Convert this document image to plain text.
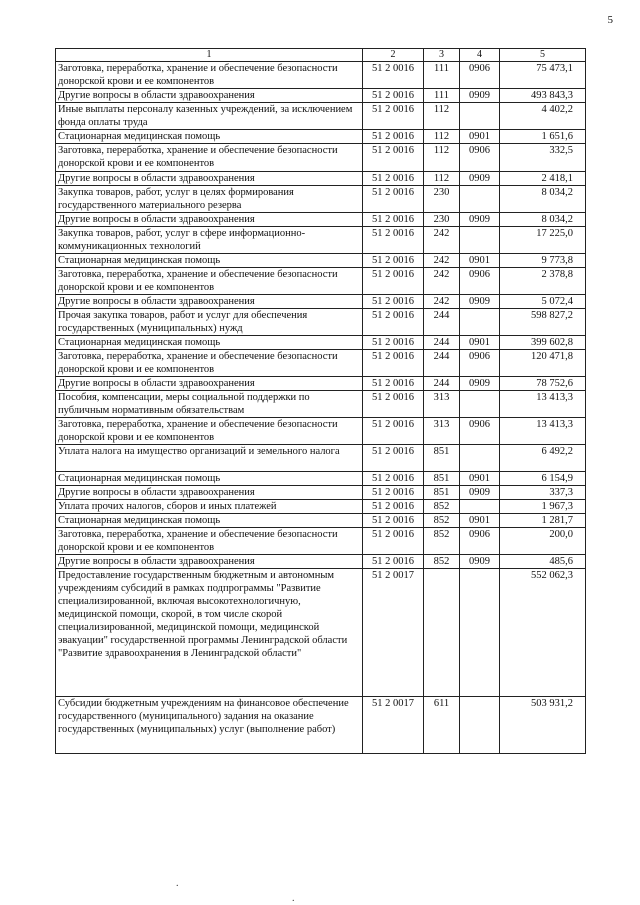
5
1	2	3	4	5
Заготовка, переработка, хранение и обеспечение безопасности донорской крови и ее компонентов	51 2 0016	111	0906	75 473,1
Другие вопросы в области здравоохранения	51 2 0016	111	0909	493 843,3
Иные выплаты персоналу казенных учреждений, за исключением фонда оплаты труда	51 2 0016	112		4 402,2
Стационарная медицинская помощь	51 2 0016	112	0901	1 651,6
Заготовка, переработка, хранение и обеспечение безопасности донорской крови и ее компонентов	51 2 0016	112	0906	332,5
Другие вопросы в области здравоохранения	51 2 0016	112	0909	2 418,1
Закупка товаров, работ, услуг в целях формирования государственного материального резерва	51 2 0016	230		8 034,2
Другие вопросы в области здравоохранения	51 2 0016	230	0909	8 034,2
Закупка товаров, работ, услуг в сфере информационно-коммуникационных технологий	51 2 0016	242		17 225,0
Стационарная медицинская помощь	51 2 0016	242	0901	9 773,8
Заготовка, переработка, хранение и обеспечение безопасности донорской крови и ее компонентов	51 2 0016	242	0906	2 378,8
Другие вопросы в области здравоохранения	51 2 0016	242	0909	5 072,4
Прочая закупка товаров, работ и услуг для обеспечения государственных (муниципальных) нужд	51 2 0016	244		598 827,2
Стационарная медицинская помощь	51 2 0016	244	0901	399 602,8
Заготовка, переработка, хранение и обеспечение безопасности донорской крови и ее компонентов	51 2 0016	244	0906	120 471,8
Другие вопросы в области здравоохранения	51 2 0016	244	0909	78 752,6
Пособия, компенсации, меры социальной поддержки по публичным нормативным обязательствам	51 2 0016	313		13 413,3
Заготовка, переработка, хранение и обеспечение безопасности донорской крови и ее компонентов	51 2 0016	313	0906	13 413,3
Уплата налога на имущество организаций и земельного налога	51 2 0016	851		6 492,2
Стационарная медицинская помощь	51 2 0016	851	0901	6 154,9
Другие вопросы в области здравоохранения	51 2 0016	851	0909	337,3
Уплата прочих налогов, сборов и иных платежей	51 2 0016	852		1 967,3
Стационарная медицинская помощь	51 2 0016	852	0901	1 281,7
Заготовка, переработка, хранение и обеспечение безопасности донорской крови и ее компонентов	51 2 0016	852	0906	200,0
Другие вопросы в области здравоохранения	51 2 0016	852	0909	485,6
Предоставление государственным бюджетным и автономным учреждениям субсидий в рамках подпрограммы "Развитие специализированной, включая высокотехнологичную, медицинской помощи, скорой, в том числе скорой специализированной, медицинской помощи, медицинской эвакуации" государственной программы Ленинградской области "Развитие здравоохранения в Ленинградской области"	51 2 0017			552 062,3
Субсидии бюджетным учреждениям на финансовое обеспечение государственного (муниципального) задания на оказание государственных (муниципальных) услуг (выполнение работ)	51 2 0017	611		503 931,2
.
.
